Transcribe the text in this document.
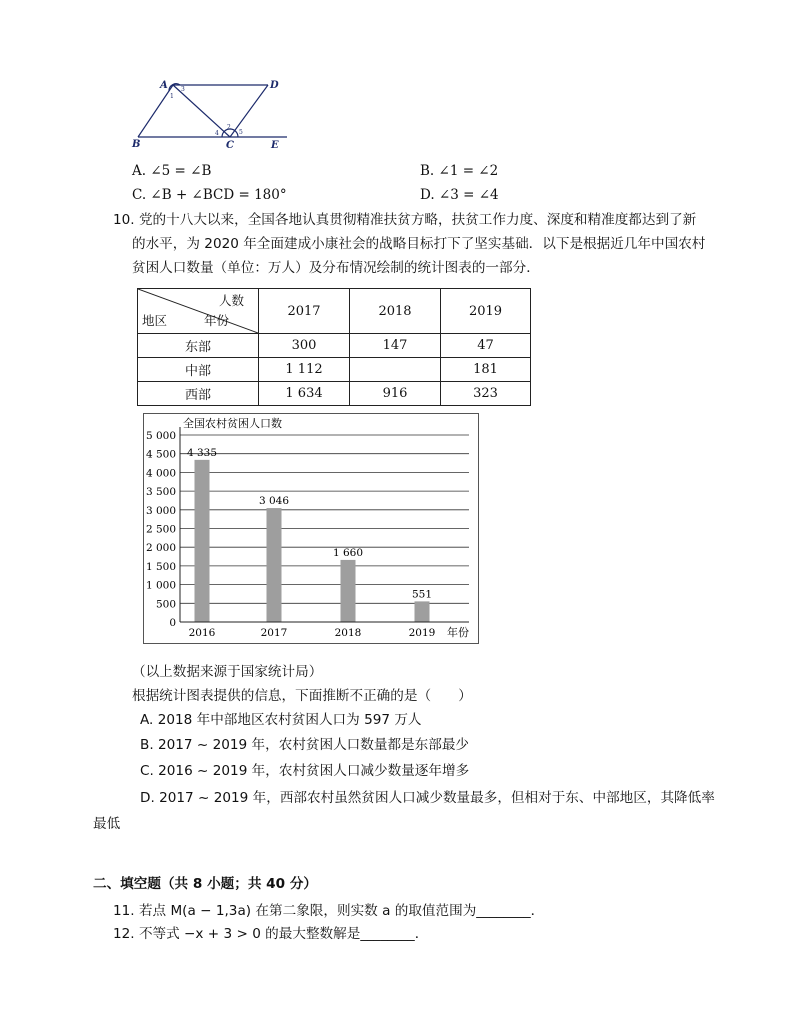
A	D
B	C	E
1
3
2
4	5
A. ∠5 = ∠B	B. ∠1 = ∠2
C. ∠B + ∠BCD = 180°	D. ∠3 = ∠4
10. 党的十八大以来，全国各地认真贯彻精准扶贫方略，扶贫工作力度、深度和精准度都达到了新
的水平，为 2020 年全面建成小康社会的战略目标打下了坚实基础．以下是根据近几年中国农村
贫困人口数量（单位：万人）及分布情况绘制的统计图表的一部分．
人数
地区 年份	2017	2018	2019
东部	300	147	47
中部	1 112		181
西部	1 634	916	323
0
500
1 000
1 500
2 000
2 500
3 000
3 500
4 000
4 500
5 000
4 335
3 046
1 660
551
2016	2017	2018	2019
全国农村贫困人口数
年份
（以上数据来源于国家统计局）
根据统计图表提供的信息，下面推断不正确的是（　　）
A. 2018 年中部地区农村贫困人口为 597 万人
B. 2017 ~ 2019 年，农村贫困人口数量都是东部最少
C. 2016 ~ 2019 年，农村贫困人口减少数量逐年增多
D. 2017 ~ 2019 年，西部农村虽然贫困人口减少数量最多，但相对于东、中部地区，其降低率
最低
二、填空题（共 8 小题；共 40 分）
11. 若点 M(a − 1,3a) 在第二象限，则实数 a 的取值范围为________．
12. 不等式 −x + 3 > 0 的最大整数解是________．
